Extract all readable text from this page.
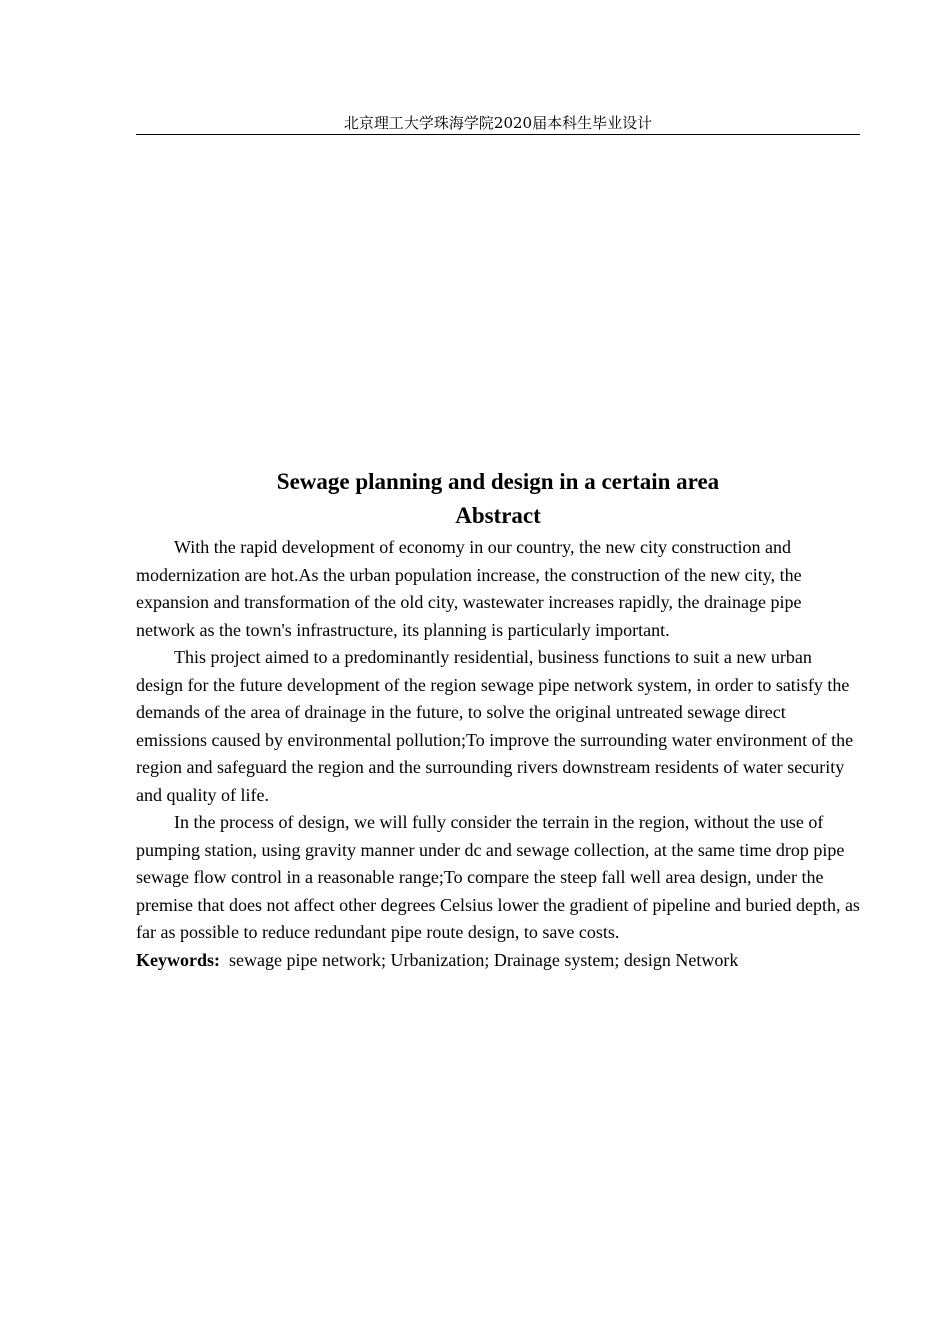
北京理工大学珠海学院2020届本科生毕业设计
Sewage planning and design in a certain area
Abstract

With the rapid development of economy in our country, the new city construction and modernization are hot.As the urban population increase, the construction of the new city, the expansion and transformation of the old city, wastewater increases rapidly, the drainage pipe network as the town's infrastructure, its planning is particularly important.

This project aimed to a predominantly residential, business functions to suit a new urban design for the future development of the region sewage pipe network system, in order to satisfy the demands of the area of drainage in the future, to solve the original untreated sewage direct emissions caused by environmental pollution;To improve the surrounding water environment of the region and safeguard the region and the surrounding rivers downstream residents of water security and quality of life.

In the process of design, we will fully consider the terrain in the region, without the use of pumping station, using gravity manner under dc and sewage collection, at the same time drop pipe sewage flow control in a reasonable range;To compare the steep fall well area design, under the premise that does not affect other degrees Celsius lower the gradient of pipeline and buried depth, as far as possible to reduce redundant pipe route design, to save costs.

Keywords: sewage pipe network; Urbanization; Drainage system; design Network
